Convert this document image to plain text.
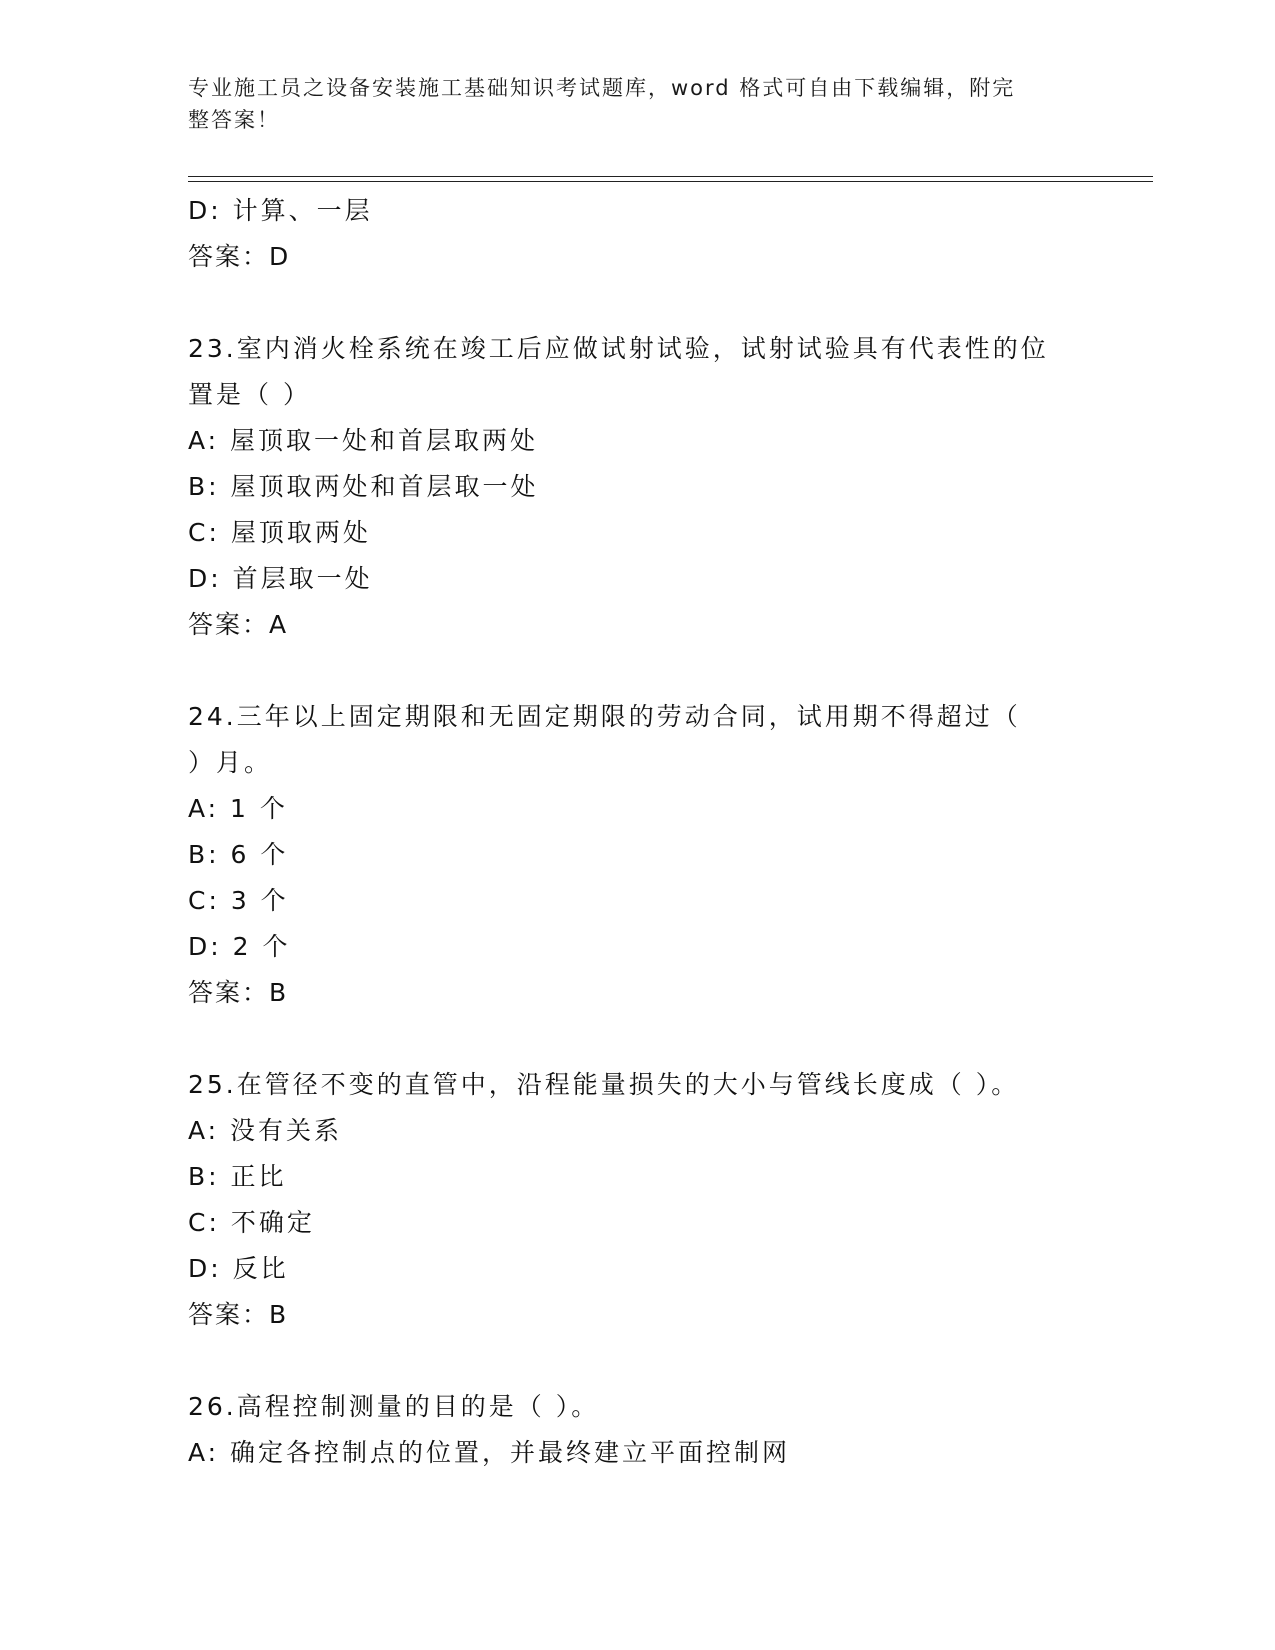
专业施工员之设备安装施工基础知识考试题库，word 格式可自由下载编辑，附完
整答案！
D: 计算、一层
答案：D
23.室内消火栓系统在竣工后应做试射试验，试射试验具有代表性的位
置是（ ）
A: 屋顶取一处和首层取两处
B: 屋顶取两处和首层取一处
C: 屋顶取两处
D: 首层取一处
答案：A
24.三年以上固定期限和无固定期限的劳动合同，试用期不得超过（
）月。
A: 1 个
B: 6 个
C: 3 个
D: 2 个
答案：B
25.在管径不变的直管中，沿程能量损失的大小与管线长度成（ ）。
A: 没有关系
B: 正比
C: 不确定
D: 反比
答案：B
26.高程控制测量的目的是（ ）。
A: 确定各控制点的位置，并最终建立平面控制网
